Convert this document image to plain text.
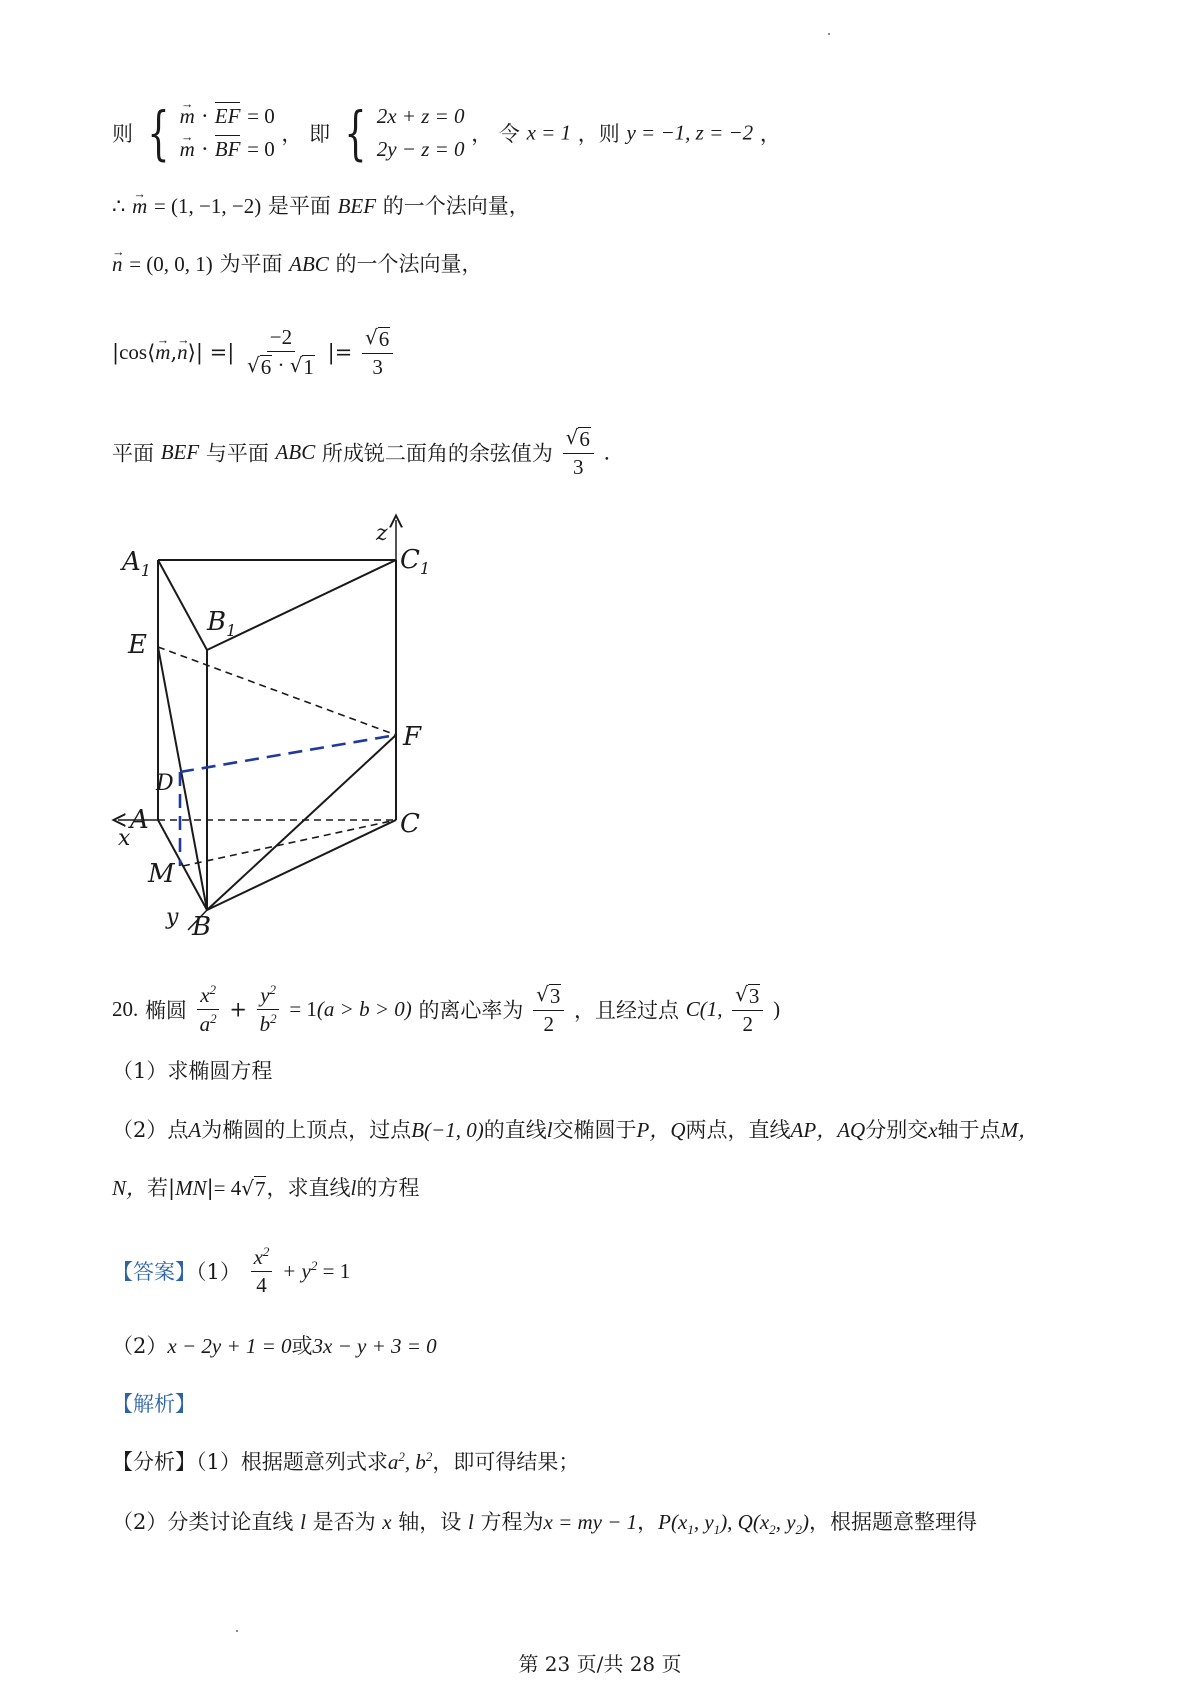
则 { → m · EF = 0
→ m · BF = 0
， 即 { 2x + z = 0
2y − z = 0
， 令 x = 1 ，则 y = −1, z = −2 ，
∴ → m = (1, −1, −2) 是平面 BEF 的一个法向量，
→ n = (0, 0, 1) 为平面 ABC 的一个法向量，
|cos⟨→ m,→ n⟩| =| $\frac{-2}{√ 6 \cdot √ 1}$ |= $\frac{√ 6}{3}$
平面 BEF 与平面 ABC 所成锐二面角的余弦值为 $\frac{√ 6}{3}$ .
$A_1$	$C_1$
$B_1$
E
F
D
A	C
M
B
x
y
z
20. 椭圆 $\frac{x^2}{a^2} + \frac{y^2}{b^2} = 1(a > b > 0)$ 的离心率为 $\frac{√ 3}{2}$ ，且经过点 C(1, $\frac{√ 3}{2}$ )
（1）求椭圆方程
（2）点A为椭圆的上顶点，过点B(−1, 0)的直线l交椭圆于P，Q两点，直线AP，AQ分别交x轴于点M，
N，若|MN|= 4 √ 7 ，求直线l的方程
【答案】$(1) \frac{x^2}{4} + y^2 = 1$
（2）x − 2y + 1 = 0或3x − y + 3 = 0
【解析】
【分析】（1）根据题意列式求$a^2$, $b^2$，即可得结果；
（2）分类讨论直线 l 是否为 x 轴，设 l 方程为x = my − 1，$P(x_1$, $y_1$), $Q(x_2$, $y_2$)，根据题意整理得
第 23 页/共 28 页
